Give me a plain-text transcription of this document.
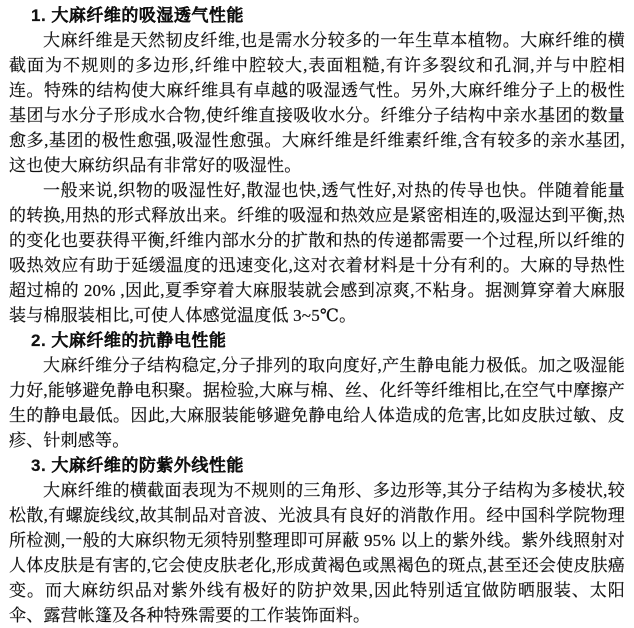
1. 大麻纤维的吸湿透气性能

大麻纤维是天然韧皮纤维,也是需水分较多的一年生草本植物。大麻纤维的横截面为不规则的多边形,纤维中腔较大,表面粗糙,有许多裂纹和孔洞,并与中腔相连。特殊的结构使大麻纤维具有卓越的吸湿透气性。另外,大麻纤维分子上的极性基团与水分子形成水合物,使纤维直接吸收水分。纤维分子结构中亲水基团的数量愈多,基团的极性愈强,吸湿性愈强。大麻纤维是纤维素纤维,含有较多的亲水基团,这也使大麻纺织品有非常好的吸湿性。

一般来说,织物的吸湿性好,散湿也快,透气性好,对热的传导也快。伴随着能量的转换,用热的形式释放出来。纤维的吸湿和热效应是紧密相连的,吸湿达到平衡,热的变化也要获得平衡,纤维内部水分的扩散和热的传递都需要一个过程,所以纤维的吸热效应有助于延缓温度的迅速变化,这对衣着材料是十分有利的。大麻的导热性超过棉的 20% ,因此,夏季穿着大麻服装就会感到凉爽,不粘身。据测算穿着大麻服装与棉服装相比,可使人体感觉温度低 3~5℃。

2. 大麻纤维的抗静电性能

大麻纤维分子结构稳定,分子排列的取向度好,产生静电能力极低。加之吸湿能力好,能够避免静电积聚。据检验,大麻与棉、丝、化纤等纤维相比,在空气中摩擦产生的静电最低。因此,大麻服装能够避免静电给人体造成的危害,比如皮肤过敏、皮疹、针刺感等。

3. 大麻纤维的防紫外线性能

大麻纤维的横截面表现为不规则的三角形、多边形等,其分子结构为多棱状,较松散,有螺旋线纹,故其制品对音波、光波具有良好的消散作用。经中国科学院物理所检测,一般的大麻织物无须特别整理即可屏蔽 95% 以上的紫外线。紫外线照射对人体皮肤是有害的,它会使皮肤老化,形成黄褐色或黑褐色的斑点,甚至还会使皮肤癌变。而大麻纺织品对紫外线有极好的防护效果,因此特别适宜做防晒服装、太阳伞、露营帐篷及各种特殊需要的工作装饰面料。
